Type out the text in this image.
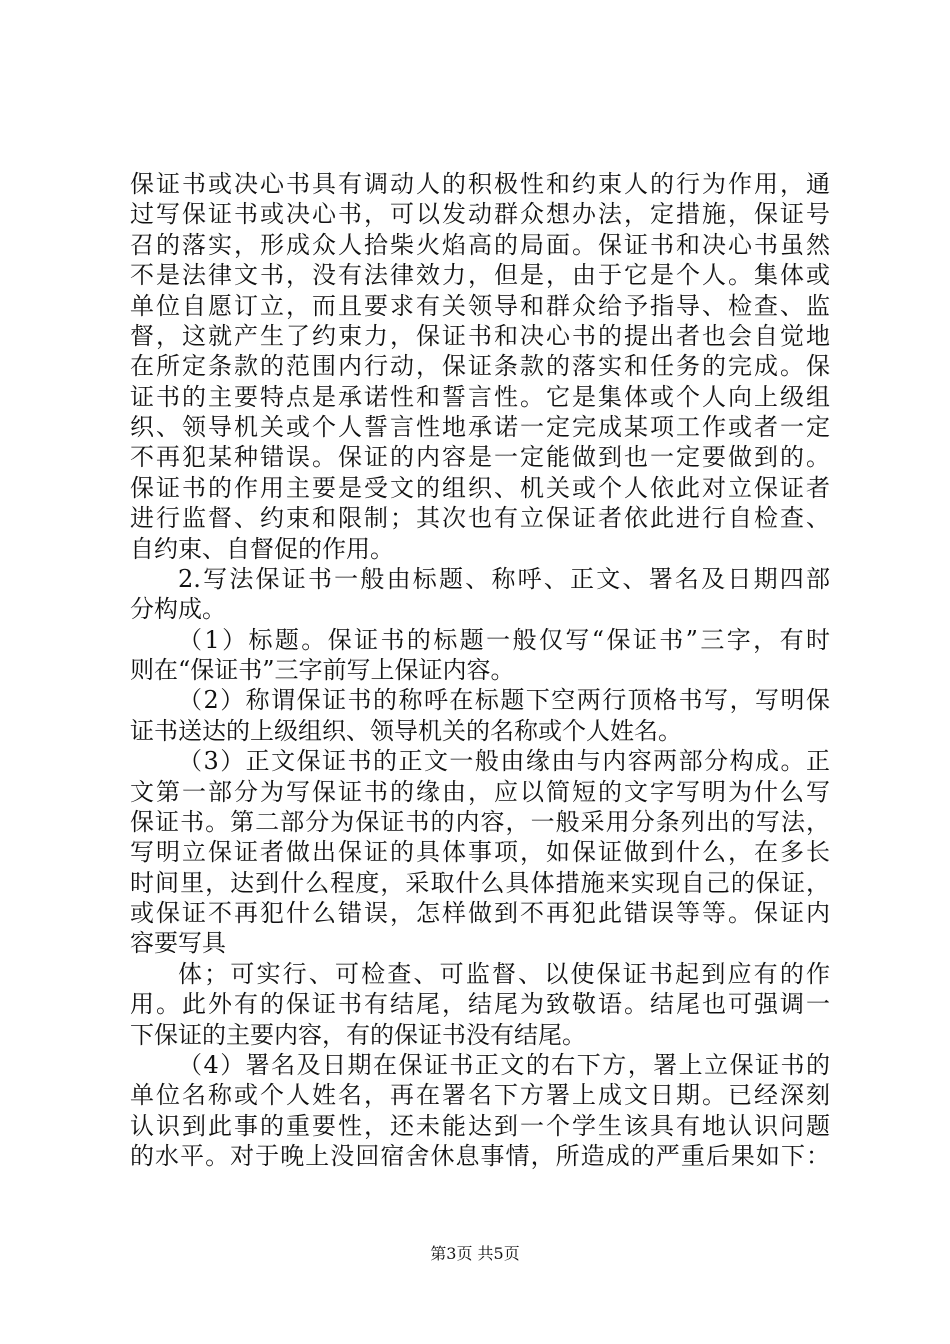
保证书或决心书具有调动人的积极性和约束人的行为作用，通
过写保证书或决心书，可以发动群众想办法，定措施，保证号
召的落实，形成众人拾柴火焰高的局面。保证书和决心书虽然
不是法律文书，没有法律效力，但是，由于它是个人。集体或
单位自愿订立，而且要求有关领导和群众给予指导、检查、监
督，这就产生了约束力，保证书和决心书的提出者也会自觉地
在所定条款的范围内行动，保证条款的落实和任务的完成。保
证书的主要特点是承诺性和誓言性。它是集体或个人向上级组
织、领导机关或个人誓言性地承诺一定完成某项工作或者一定
不再犯某种错误。保证的内容是一定能做到也一定要做到的。
保证书的作用主要是受文的组织、机关或个人依此对立保证者
进行监督、约束和限制；其次也有立保证者依此进行自检查、
自约束、自督促的作用。
2.写法保证书一般由标题、称呼、正文、署名及日期四部
分构成。
（1）标题。保证书的标题一般仅写“保证书”三字，有时
则在“保证书”三字前写上保证内容。
（2）称谓保证书的称呼在标题下空两行顶格书写，写明保
证书送达的上级组织、领导机关的名称或个人姓名。
（3）正文保证书的正文一般由缘由与内容两部分构成。正
文第一部分为写保证书的缘由，应以简短的文字写明为什么写
保证书。第二部分为保证书的内容，一般采用分条列出的写法，
写明立保证者做出保证的具体事项，如保证做到什么，在多长
时间里，达到什么程度，采取什么具体措施来实现自己的保证，
或保证不再犯什么错误，怎样做到不再犯此错误等等。保证内
容要写具
体；可实行、可检查、可监督、以使保证书起到应有的作
用。此外有的保证书有结尾，结尾为致敬语。结尾也可强调一
下保证的主要内容，有的保证书没有结尾。
（4）署名及日期在保证书正文的右下方，署上立保证书的
单位名称或个人姓名，再在署名下方署上成文日期。已经深刻
认识到此事的重要性，还未能达到一个学生该具有地认识问题
的水平。对于晚上没回宿舍休息事情，所造成的严重后果如下：
第3页 共5页
